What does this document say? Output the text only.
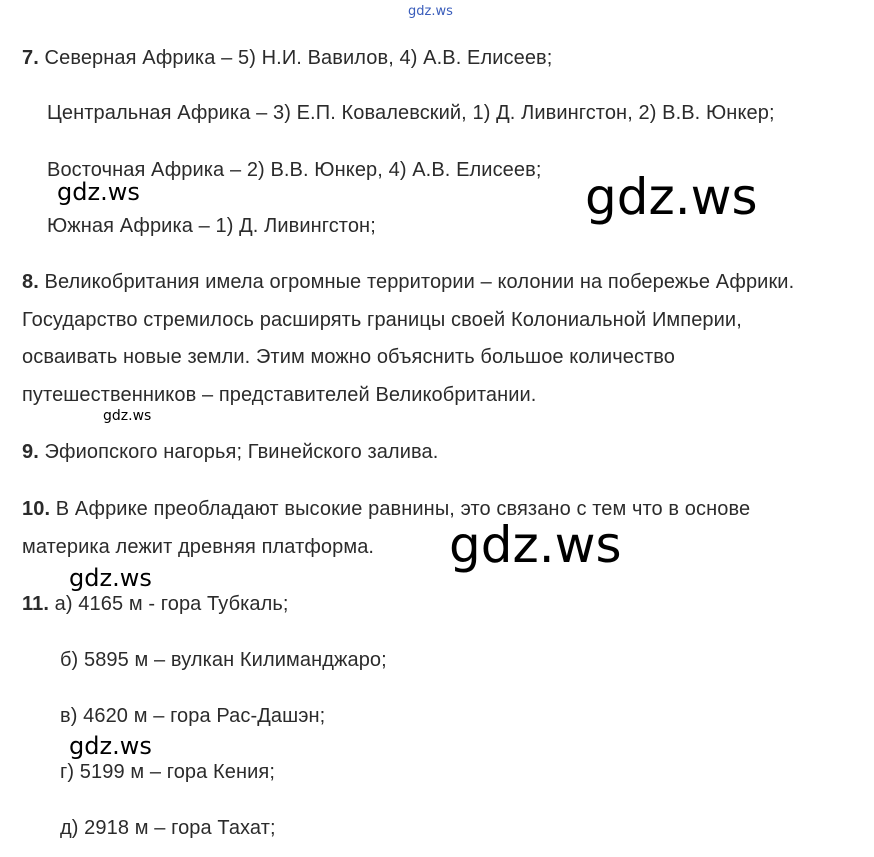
gdz.ws
gdz.ws	gdz.ws
gdz.ws
gdz.ws
gdz.ws
gdz.ws
7. Северная Африка – 5) Н.И. Вавилов, 4) А.В. Елисеев;
Центральная Африка – 3) Е.П. Ковалевский, 1) Д. Ливингстон, 2) В.В. Юнкер;
Восточная Африка – 2) В.В. Юнкер, 4) А.В. Елисеев;
Южная Африка – 1) Д. Ливингстон;
8. Великобритания имела огромные территории – колонии на побережье Африки.
Государство стремилось расширять границы своей Колониальной Империи,
осваивать новые земли. Этим можно объяснить большое количество
путешественников – представителей Великобритании.
9. Эфиопского нагорья; Гвинейского залива.
10. В Африке преобладают высокие равнины, это связано с тем что в основе
материка лежит древняя платформа.
11. а) 4165 м - гора Тубкаль;
б) 5895 м – вулкан Килиманджаро;
в) 4620 м – гора Рас-Дашэн;
г) 5199 м – гора Кения;
д) 2918 м – гора Тахат;
